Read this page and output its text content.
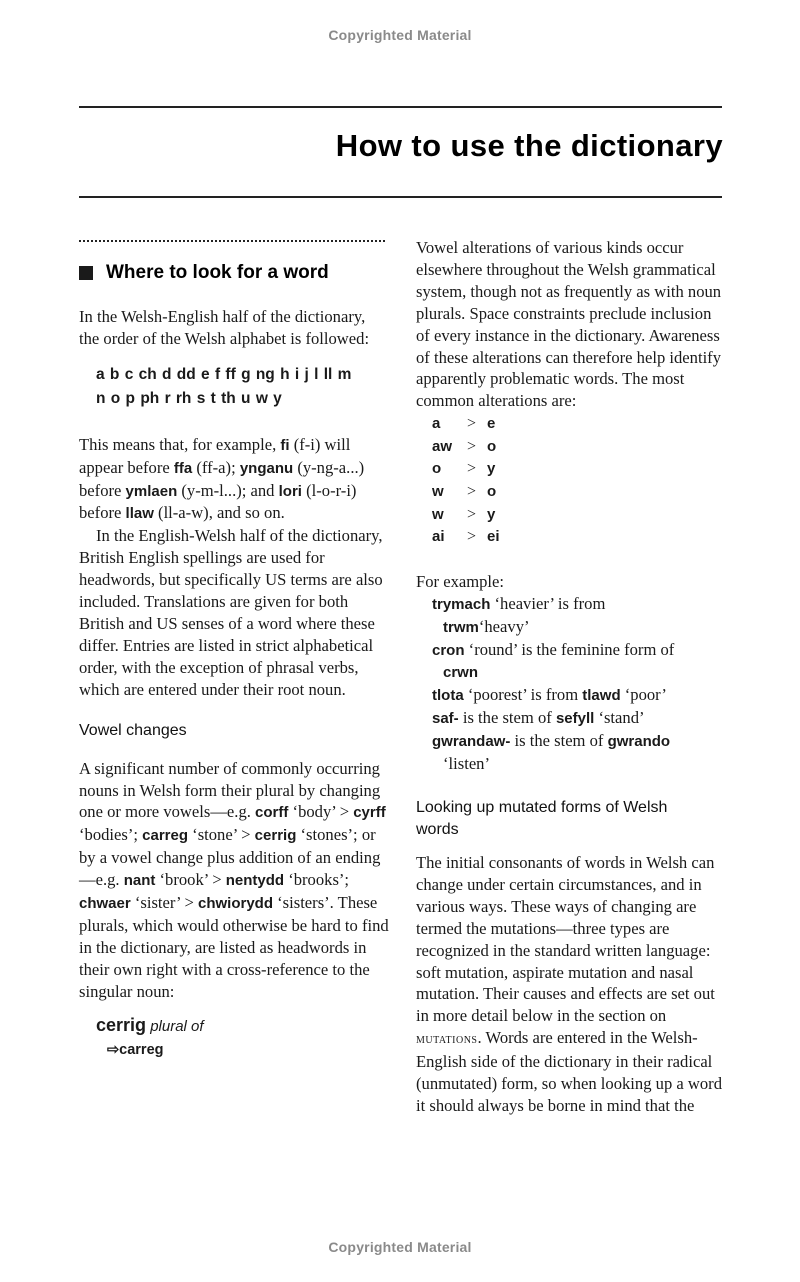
Copyrighted Material
How to use the dictionary
Where to look for a word

In the Welsh-English half of the dictionary, the order of the Welsh alphabet is followed:

a b c ch d dd e f ff g ng h i j l ll m
n o p ph r rh s t th u w y

This means that, for example, fi (f-i) will appear before ffa (ff-a); ynganu (y-ng-a...) before ymlaen (y-m-l...); and lori (l-o-r-i) before llaw (ll-a-w), and so on.

In the English-Welsh half of the dictionary, British English spellings are used for headwords, but specifically US terms are also included. Translations are given for both British and US senses of a word where these differ. Entries are listed in strict alphabetical order, with the exception of phrasal verbs, which are entered under their root noun.

Vowel changes

A significant number of commonly occurring nouns in Welsh form their plural by changing one or more vowels—e.g. corff ‘body’ > cyrff ‘bodies’; carreg ‘stone’ > cerrig ‘stones’; or by a vowel change plus addition of an ending—e.g. nant ‘brook’ > nentydd ‘brooks’; chwaer ‘sister’ > chwiorydd ‘sisters’. These plurals, which would otherwise be hard to find in the dictionary, are listed as headwords in their own right with a cross-reference to the singular noun:

cerrig plural of
⇨carreg

Vowel alterations of various kinds occur elsewhere throughout the Welsh grammatical system, though not as frequently as with noun plurals. Space constraints preclude inclusion of every instance in the dictionary. Awareness of these alterations can therefore help identify apparently problematic words. The most common alterations are:

a	> e
aw > o
o	> y
w	> o
w	> y
ai	> ei

For example:

trymach ‘heavier’ is from
trwm‘heavy’
cron ‘round’ is the feminine form of
crwn
tlota ‘poorest’ is from tlawd ‘poor’
saf- is the stem of sefyll ‘stand’
gwrandaw- is the stem of gwrando
‘listen’
Looking up mutated forms of Welsh words

The initial consonants of words in Welsh can change under certain circumstances, and in various ways. These ways of changing are termed the mutations—three types are recognized in the standard written language: soft mutation, aspirate mutation and nasal mutation. Their causes and effects are set out in more detail below in the section on mutations. Words are entered in the Welsh-English side of the dictionary in their radical (unmutated) form, so when looking up a word it should always be borne in mind that the

Copyrighted Material
